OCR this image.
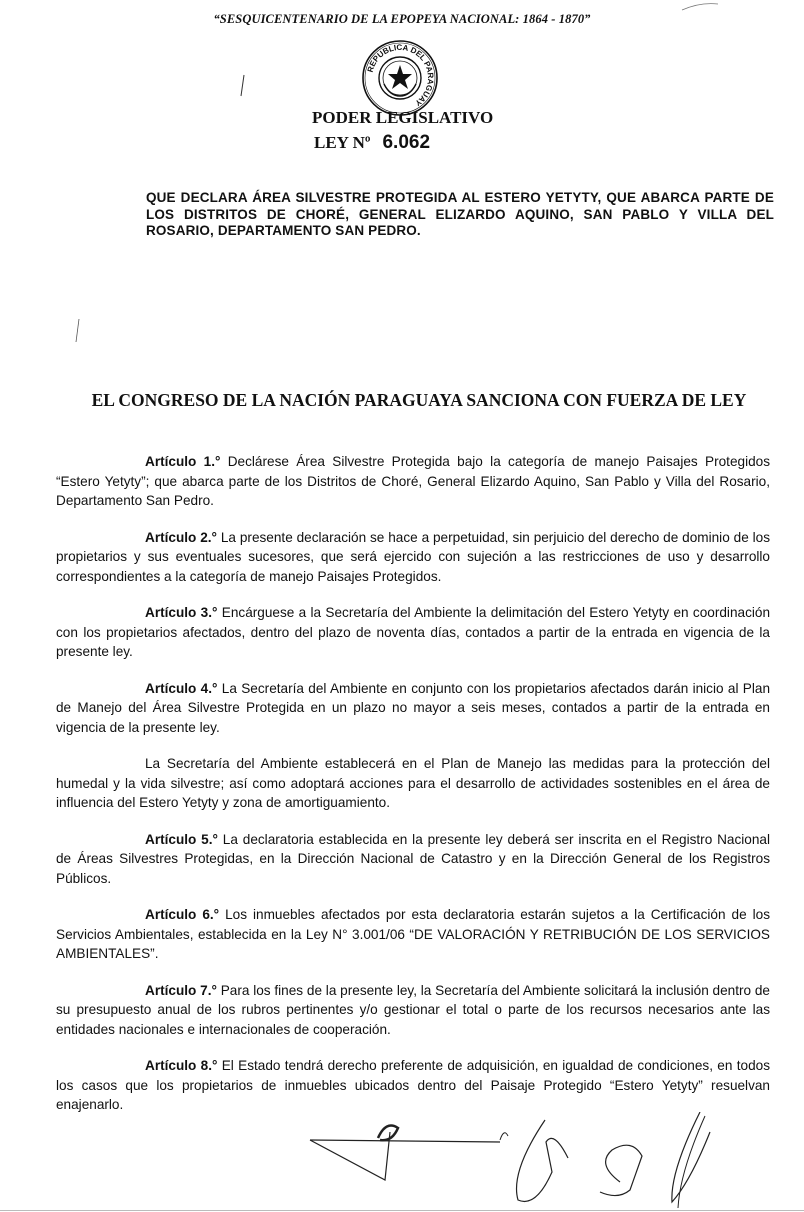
“SESQUICENTENARIO DE LA EPOPEYA NACIONAL: 1864 - 1870”
REPUBLICA DEL PARAGUAY
PODER LEGISLATIVO
LEY Nº 6.062
QUE DECLARA ÁREA SILVESTRE PROTEGIDA AL ESTERO YETYTY, QUE ABARCA PARTE DE LOS DISTRITOS DE CHORÉ, GENERAL ELIZARDO AQUINO, SAN PABLO Y VILLA DEL ROSARIO, DEPARTAMENTO SAN PEDRO.
EL CONGRESO DE LA NACIÓN PARAGUAYA SANCIONA CON FUERZA DE LEY

Artículo 1.° Declárese Área Silvestre Protegida bajo la categoría de manejo Paisajes Protegidos “Estero Yetyty”; que abarca parte de los Distritos de Choré, General Elizardo Aquino, San Pablo y Villa del Rosario, Departamento San Pedro.

Artículo 2.° La presente declaración se hace a perpetuidad, sin perjuicio del derecho de dominio de los propietarios y sus eventuales sucesores, que será ejercido con sujeción a las restricciones de uso y desarrollo correspondientes a la categoría de manejo Paisajes Protegidos.

Artículo 3.° Encárguese a la Secretaría del Ambiente la delimitación del Estero Yetyty en coordinación con los propietarios afectados, dentro del plazo de noventa días, contados a partir de la entrada en vigencia de la presente ley.

Artículo 4.° La Secretaría del Ambiente en conjunto con los propietarios afectados darán inicio al Plan de Manejo del Área Silvestre Protegida en un plazo no mayor a seis meses, contados a partir de la entrada en vigencia de la presente ley.

La Secretaría del Ambiente establecerá en el Plan de Manejo las medidas para la protección del humedal y la vida silvestre; así como adoptará acciones para el desarrollo de actividades sostenibles en el área de influencia del Estero Yetyty y zona de amortiguamiento.

Artículo 5.° La declaratoria establecida en la presente ley deberá ser inscrita en el Registro Nacional de Áreas Silvestres Protegidas, en la Dirección Nacional de Catastro y en la Dirección General de los Registros Públicos.

Artículo 6.° Los inmuebles afectados por esta declaratoria estarán sujetos a la Certificación de los Servicios Ambientales, establecida en la Ley N° 3.001/06 “DE VALORACIÓN Y RETRIBUCIÓN DE LOS SERVICIOS AMBIENTALES”.

Artículo 7.° Para los fines de la presente ley, la Secretaría del Ambiente solicitará la inclusión dentro de su presupuesto anual de los rubros pertinentes y/o gestionar el total o parte de los recursos necesarios ante las entidades nacionales e internacionales de cooperación.

Artículo 8.° El Estado tendrá derecho preferente de adquisición, en igualdad de condiciones, en todos los casos que los propietarios de inmuebles ubicados dentro del Paisaje Protegido “Estero Yetyty” resuelvan enajenarlo.
